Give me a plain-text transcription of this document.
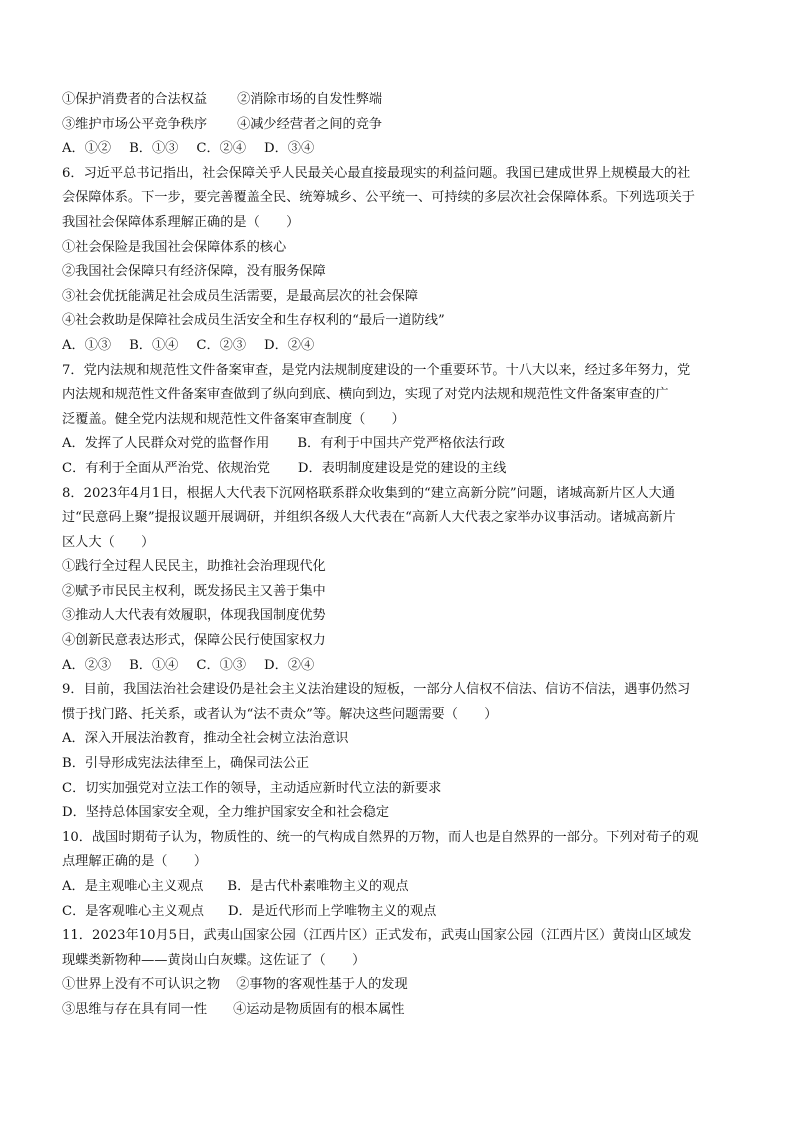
①保护消费者的合法权益 ②消除市场的自发性弊端
③维护市场公平竞争秩序 ④减少经营者之间的竞争
A．①② B．①③ C．②④ D．③④
6．习近平总书记指出，社会保障关乎人民最关心最直接最现实的利益问题。我国已建成世界上规模最大的社
会保障体系。下一步，要完善覆盖全民、统筹城乡、公平统一、可持续的多层次社会保障体系。下列选项关于
我国社会保障体系理解正确的是（　　）
①社会保险是我国社会保障体系的核心
②我国社会保障只有经济保障，没有服务保障
③社会优抚能满足社会成员生活需要，是最高层次的社会保障
④社会救助是保障社会成员生活安全和生存权利的“最后一道防线”
A．①③ B．①④ C．②③ D．②④
7．党内法规和规范性文件备案审查，是党内法规制度建设的一个重要环节。十八大以来，经过多年努力，党
内法规和规范性文件备案审查做到了纵向到底、横向到边，实现了对党内法规和规范性文件备案审查的广
泛覆盖。健全党内法规和规范性文件备案审查制度（　　）
A．发挥了人民群众对党的监督作用 B．有利于中国共产党严格依法行政
C．有利于全面从严治党、依规治党 D．表明制度建设是党的建设的主线
8．2023年4月1日，根据人大代表下沉网格联系群众收集到的“建立高新分院”问题，诸城高新片区人大通
过“民意码上聚”提报议题开展调研，并组织各级人大代表在“高新人大代表之家举办议事活动。诸城高新片
区人大（　　）
①践行全过程人民民主，助推社会治理现代化
②赋予市民民主权利，既发扬民主又善于集中
③推动人大代表有效履职，体现我国制度优势
④创新民意表达形式，保障公民行使国家权力
A．②③ B．①④ C．①③ D．②④
9．目前，我国法治社会建设仍是社会主义法治建设的短板，一部分人信权不信法、信访不信法，遇事仍然习
惯于找门路、托关系，或者认为“法不责众”等。解决这些问题需要（　　）
A．深入开展法治教育，推动全社会树立法治意识
B．引导形成宪法法律至上，确保司法公正
C．切实加强党对立法工作的领导，主动适应新时代立法的新要求
D．坚持总体国家安全观，全力维护国家安全和社会稳定
10．战国时期荀子认为，物质性的、统一的气构成自然界的万物，而人也是自然界的一部分。下列对荀子的观
点理解正确的是（　　）
A．是主观唯心主义观点 B．是古代朴素唯物主义的观点
C．是客观唯心主义观点 D．是近代形而上学唯物主义的观点
11．2023年10月5日，武夷山国家公园（江西片区）正式发布，武夷山国家公园（江西片区）黄岗山区域发
现蝶类新物种——黄岗山白灰蝶。这佐证了（　　）
①世界上没有不可认识之物 ②事物的客观性基于人的发现
③思维与存在具有同一性 ④运动是物质固有的根本属性
